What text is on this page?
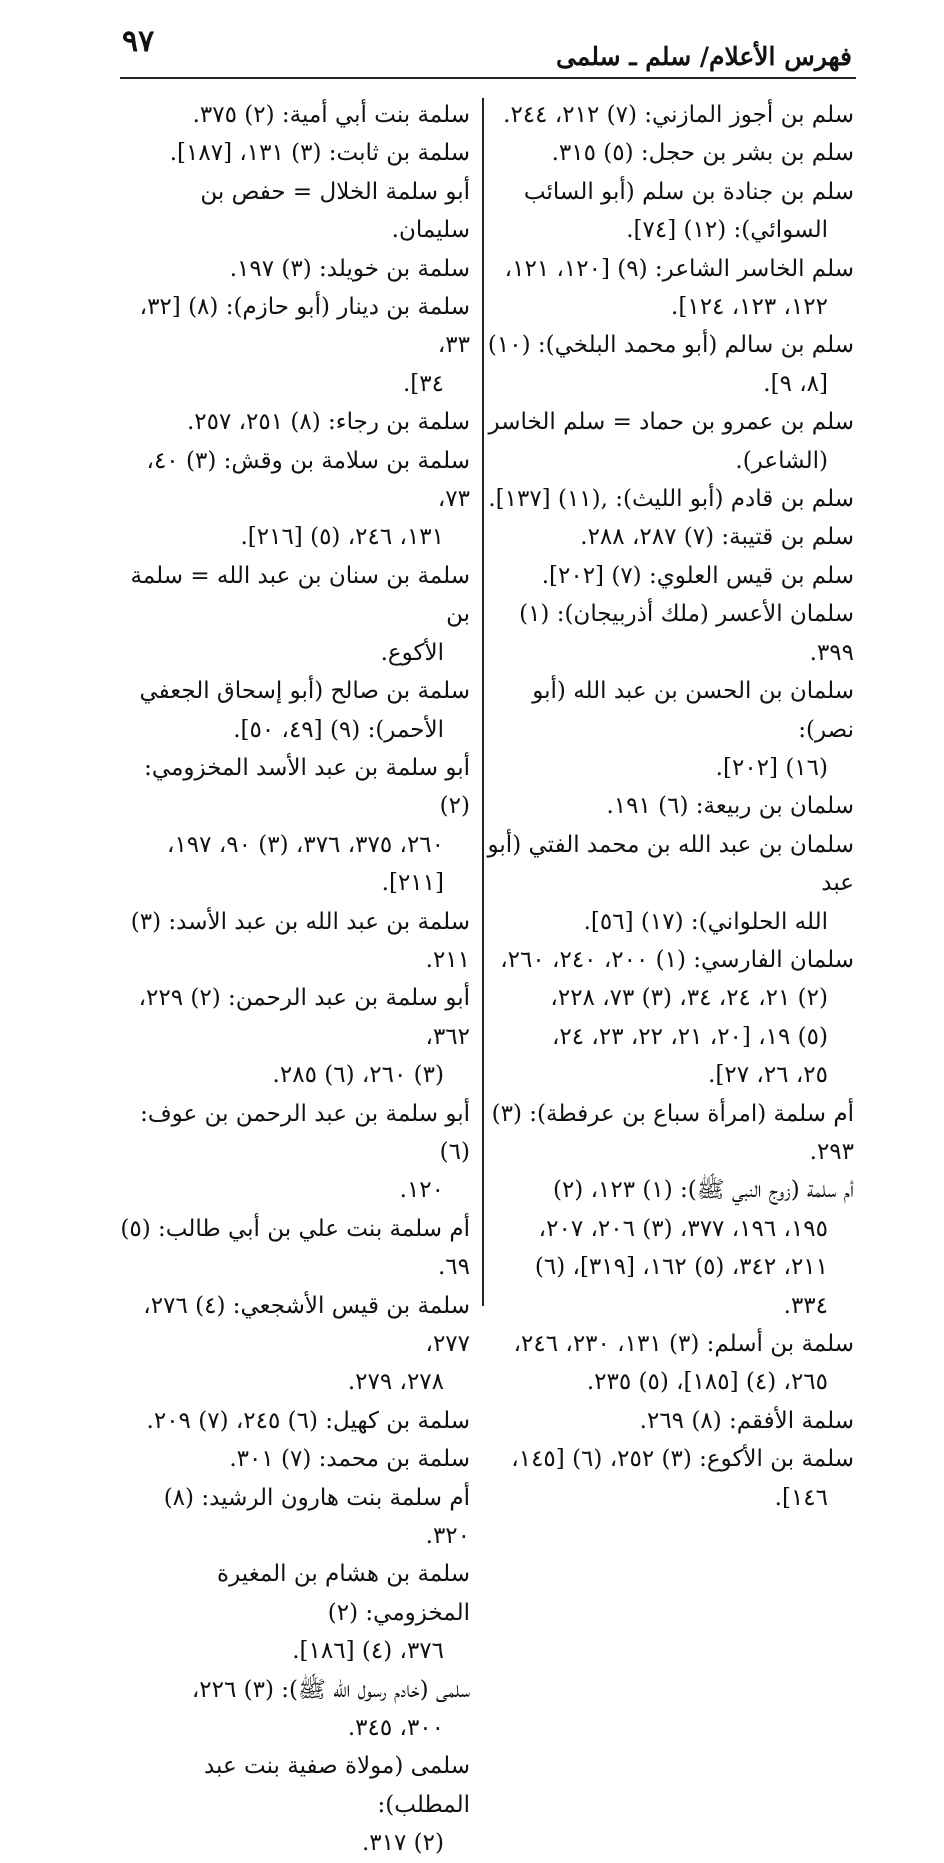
٩٧	فهرس الأعلام/ سلم ـ سلمى

سلم بن أجوز المازني: (٧) ٢١٢، ٢٤٤.

سلم بن بشر بن حجل: (٥) ٣١٥.

سلم بن جنادة بن سلم (أبو السائب

السوائي): (١٢) [٧٤].

سلم الخاسر الشاعر: (٩) [١٢٠، ١٢١،

١٢٢، ١٢٣، ١٢٤].

سلم بن سالم (أبو محمد البلخي): (١٠)

[٨، ٩].

سلم بن عمرو بن حماد = سلم الخاسر

(الشاعر).

سلم بن قادم (أبو الليث): ,(١١) [١٣٧].

سلم بن قتيبة: (٧) ٢٨٧، ٢٨٨.

سلم بن قيس العلوي: (٧) [٢٠٢].

سلمان الأعسر (ملك أذربيجان): (١) ٣٩٩.

سلمان بن الحسن بن عبد الله (أبو نصر):

(١٦) [٢٠٢].

سلمان بن ربيعة: (٦) ١٩١.

سلمان بن عبد الله بن محمد الفتي (أبو عبد

الله الحلواني): (١٧) [٥٦].

سلمان الفارسي: (١) ٢٠٠، ٢٤٠، ٢٦٠،

(٢) ٢١، ٢٤، ٣٤، (٣) ٧٣، ٢٢٨،

(٥) ١٩، [٢٠، ٢١، ٢٢، ٢٣، ٢٤،

٢٥، ٢٦، ٢٧].

أم سلمة (امرأة سباع بن عرفطة): (٣) ٢٩٣.

أم سلمة (زوج النبي ﷺ): (١) ١٢٣، (٢)

١٩٥، ١٩٦، ٣٧٧، (٣) ٢٠٦، ٢٠٧،

٢١١، ٣٤٢، (٥) ١٦٢، [٣١٩]، (٦)

٣٣٤.

سلمة بن أسلم: (٣) ١٣١، ٢٣٠، ٢٤٦،

٢٦٥، (٤) [١٨٥]، (٥) ٢٣٥.

سلمة الأفقم: (٨) ٢٦٩.

سلمة بن الأكوع: (٣) ٢٥٢، (٦) [١٤٥،

١٤٦].

سلمة بنت أبي أمية: (٢) ٣٧٥.

سلمة بن ثابت: (٣) ١٣١، [١٨٧].

أبو سلمة الخلال = حفص بن سليمان.

سلمة بن خويلد: (٣) ١٩٧.

سلمة بن دينار (أبو حازم): (٨) [٣٢، ٣٣،

٣٤].

سلمة بن رجاء: (٨) ٢٥١، ٢٥٧.

سلمة بن سلامة بن وقش: (٣) ٤٠، ٧٣،

١٣١، ٢٤٦، (٥) [٢١٦].

سلمة بن سنان بن عبد الله = سلمة بن

الأكوع.

سلمة بن صالح (أبو إسحاق الجعفي

الأحمر): (٩) [٤٩، ٥٠].

أبو سلمة بن عبد الأسد المخزومي: (٢)

٢٦٠، ٣٧٥، ٣٧٦، (٣) ٩٠، ١٩٧،

[٢١١].

سلمة بن عبد الله بن عبد الأسد: (٣) ٢١١.

أبو سلمة بن عبد الرحمن: (٢) ٢٢٩، ٣٦٢،

(٣) ٢٦٠، (٦) ٢٨٥.

أبو سلمة بن عبد الرحمن بن عوف: (٦)

١٢٠.

أم سلمة بنت علي بن أبي طالب: (٥) ٦٩.

سلمة بن قيس الأشجعي: (٤) ٢٧٦، ٢٧٧،

٢٧٨، ٢٧٩.

سلمة بن كهيل: (٦) ٢٤٥، (٧) ٢٠٩.

سلمة بن محمد: (٧) ٣٠١.

أم سلمة بنت هارون الرشيد: (٨) ٣٢٠.

سلمة بن هشام بن المغيرة المخزومي: (٢)

٣٧٦، (٤) [١٨٦].

سلمى (خادم رسول الله ﷺ): (٣) ٢٢٦،

٣٠٠، ٣٤٥.

سلمى (مولاة صفية بنت عبد المطلب):

(٢) ٣١٧.
